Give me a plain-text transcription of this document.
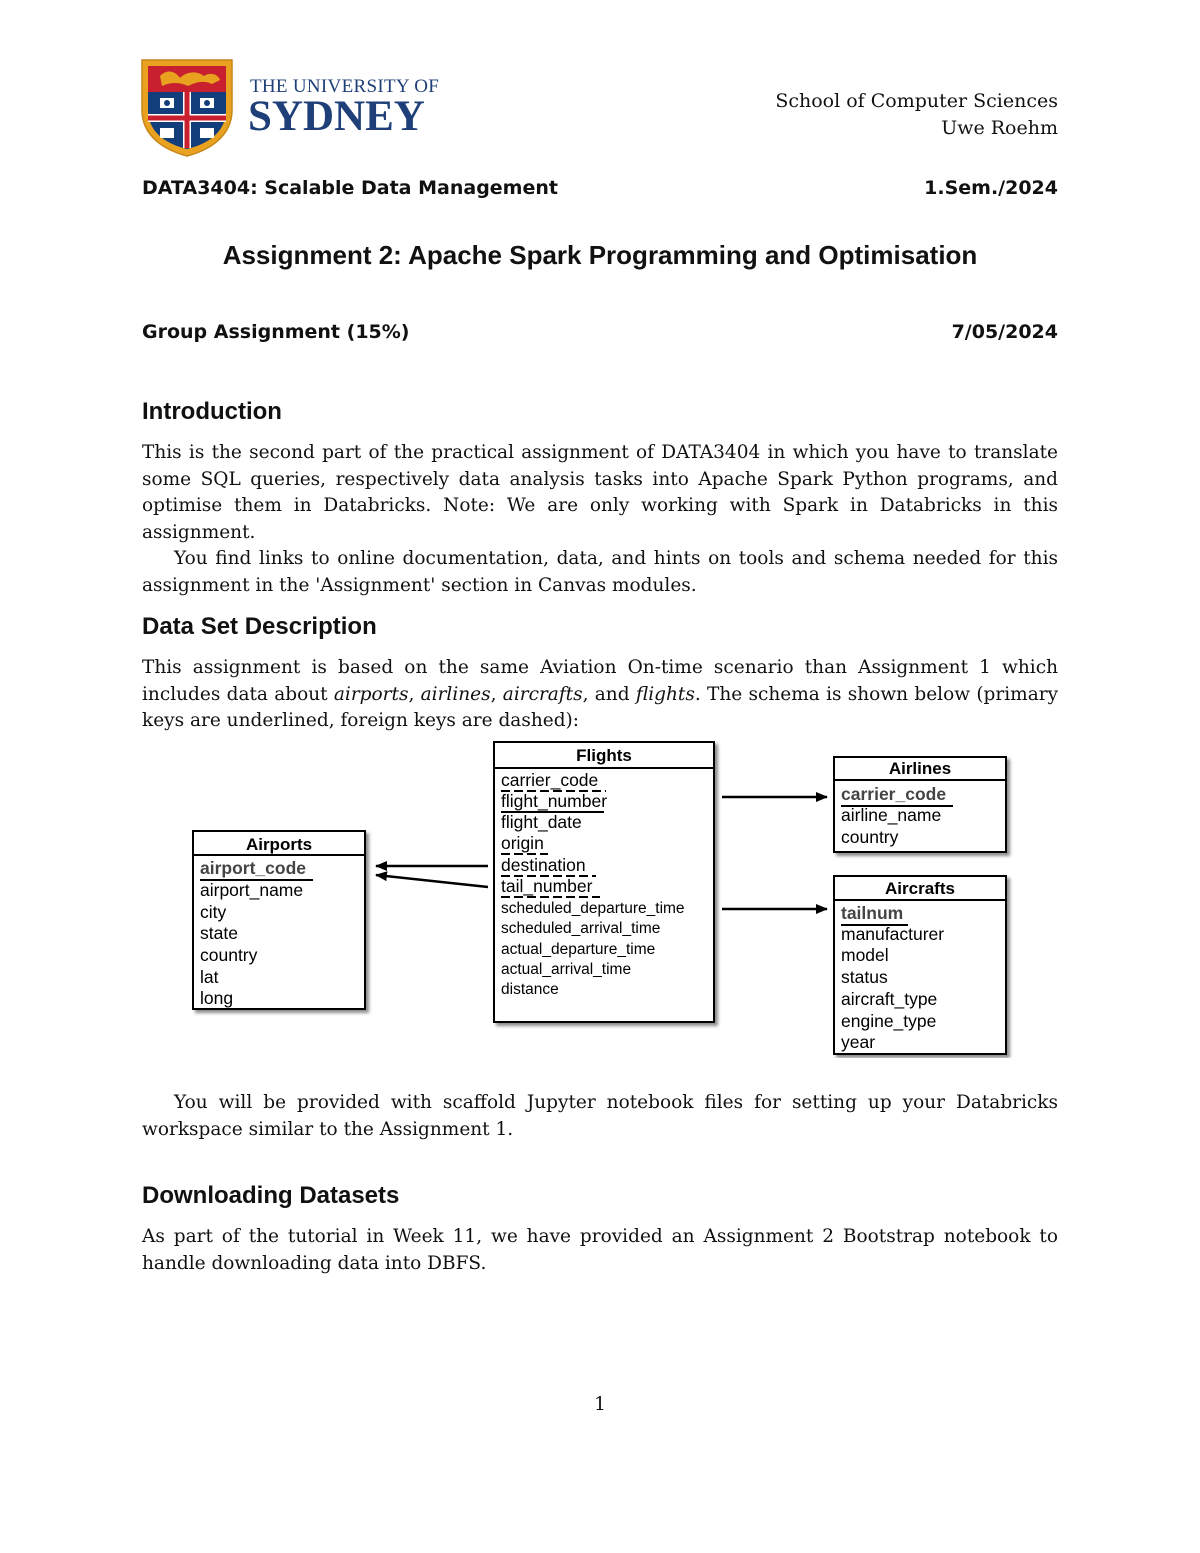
THE UNIVERSITY OF
SYDNEY	School of Computer Sciences
Uwe Roehm
DATA3404: Scalable Data Management	1.Sem./2024
Assignment 2: Apache Spark Programming and Optimisation
Group Assignment (15%)	7/05/2024
Introduction

This is the second part of the practical assignment of DATA3404 in which you have to translate some SQL queries, respectively data analysis tasks into Apache Spark Python programs, and optimise them in Databricks. Note: We are only working with Spark in Databricks in this assignment.

You find links to online documentation, data, and hints on tools and schema needed for this assignment in the 'Assignment' section in Canvas modules.

Data Set Description

This assignment is based on the same Aviation On-time scenario than Assignment 1 which includes data about airports, airlines, aircrafts, and flights. The schema is shown below (primary keys are underlined, foreign keys are dashed):

Flights
carrier_code
flight_number
flight_date
origin
destination
tail_number
scheduled_departure_time
scheduled_arrival_time
actual_departure_time
actual_arrival_time
distance
Airports
airport_code
airport_name
city
state
country
lat
long
Airlines
carrier_code
airline_name
country
Aircrafts
tailnum
manufacturer
model
status
aircraft_type
engine_type
year

You will be provided with scaffold Jupyter notebook files for setting up your Databricks workspace similar to the Assignment 1.

Downloading Datasets

As part of the tutorial in Week 11, we have provided an Assignment 2 Bootstrap notebook to handle downloading data into DBFS.

1
